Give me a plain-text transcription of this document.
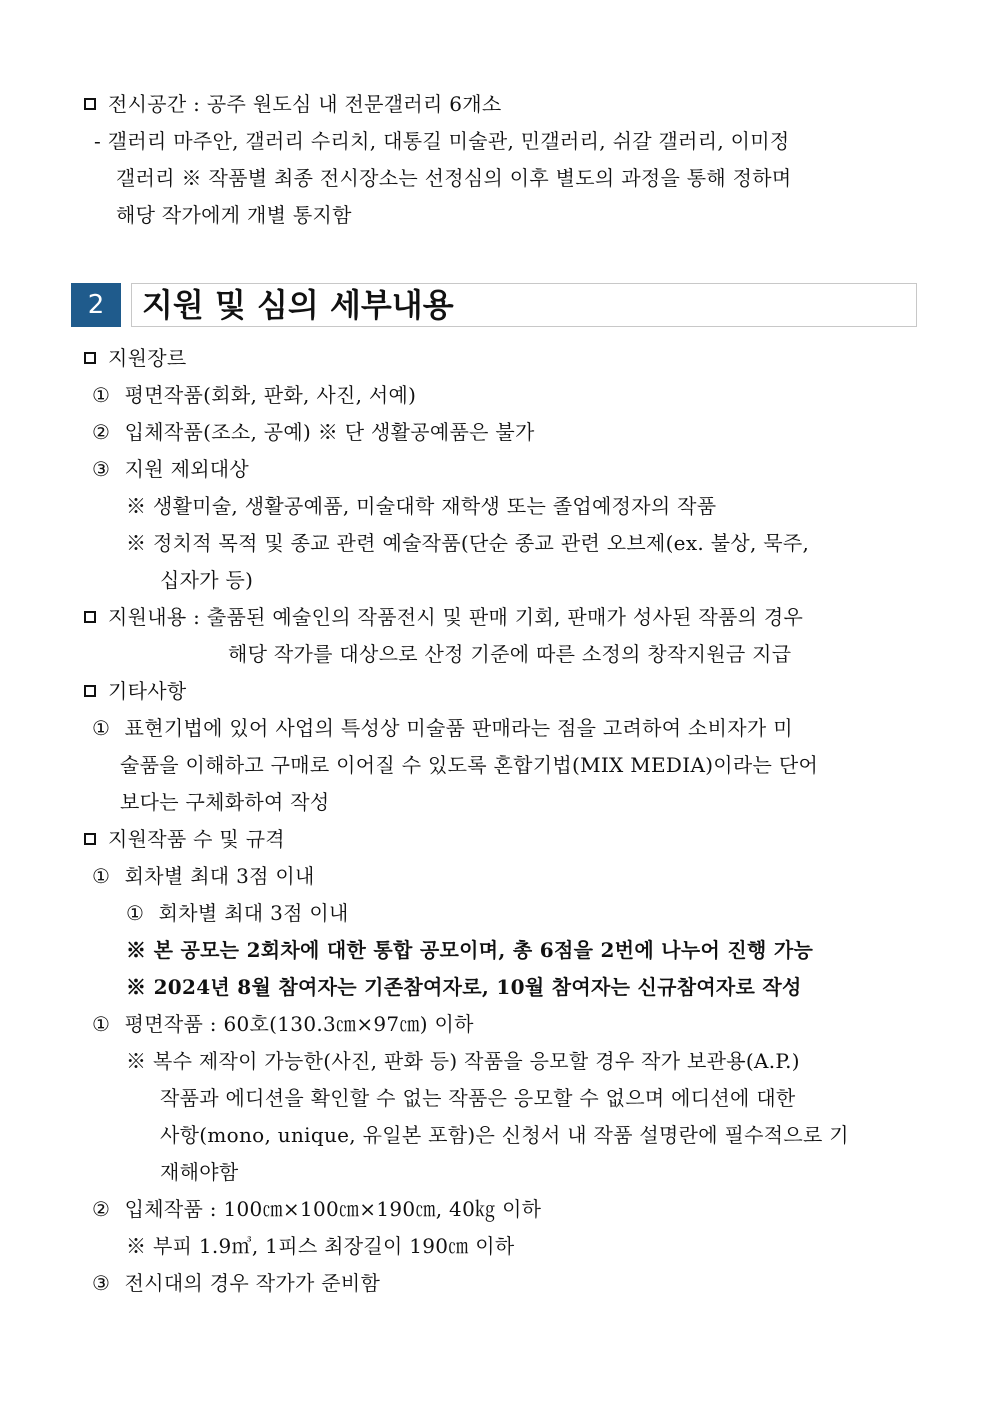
전시공간 : 공주 원도심 내 전문갤러리 6개소
- 갤러리 마주안, 갤러리 수리치, 대통길 미술관, 민갤러리, 쉬갈 갤러리, 이미정
갤러리 ※ 작품별 최종 전시장소는 선정심의 이후 별도의 과정을 통해 정하며
해당 작가에게 개별 통지함
2	지원 및 심의 세부내용
지원장르
① 평면작품(회화, 판화, 사진, 서예)
② 입체작품(조소, 공예) ※ 단 생활공예품은 불가
③ 지원 제외대상
※ 생활미술, 생활공예품, 미술대학 재학생 또는 졸업예정자의 작품
※ 정치적 목적 및 종교 관련 예술작품(단순 종교 관련 오브제(ex. 불상, 묵주,
십자가 등)
지원내용 : 출품된 예술인의 작품전시 및 판매 기회, 판매가 성사된 작품의 경우
해당 작가를 대상으로 산정 기준에 따른 소정의 창작지원금 지급
기타사항
① 표현기법에 있어 사업의 특성상 미술품 판매라는 점을 고려하여 소비자가 미
술품을 이해하고 구매로 이어질 수 있도록 혼합기법(MIX MEDIA)이라는 단어
보다는 구체화하여 작성
지원작품 수 및 규격
① 회차별 최대 3점 이내
① 회차별 최대 3점 이내
※ 본 공모는 2회차에 대한 통합 공모이며, 총 6점을 2번에 나누어 진행 가능
※ 2024년 8월 참여자는 기존참여자로, 10월 참여자는 신규참여자로 작성
① 평면작품 : 60호(130.3㎝×97㎝) 이하
※ 복수 제작이 가능한(사진, 판화 등) 작품을 응모할 경우 작가 보관용(A.P.)
작품과 에디션을 확인할 수 없는 작품은 응모할 수 없으며 에디션에 대한
사항(mono, unique, 유일본 포함)은 신청서 내 작품 설명란에 필수적으로 기
재해야함
② 입체작품 : 100㎝×100㎝×190㎝, 40㎏ 이하
※ 부피 1.9㎥, 1피스 최장길이 190㎝ 이하
③ 전시대의 경우 작가가 준비함
